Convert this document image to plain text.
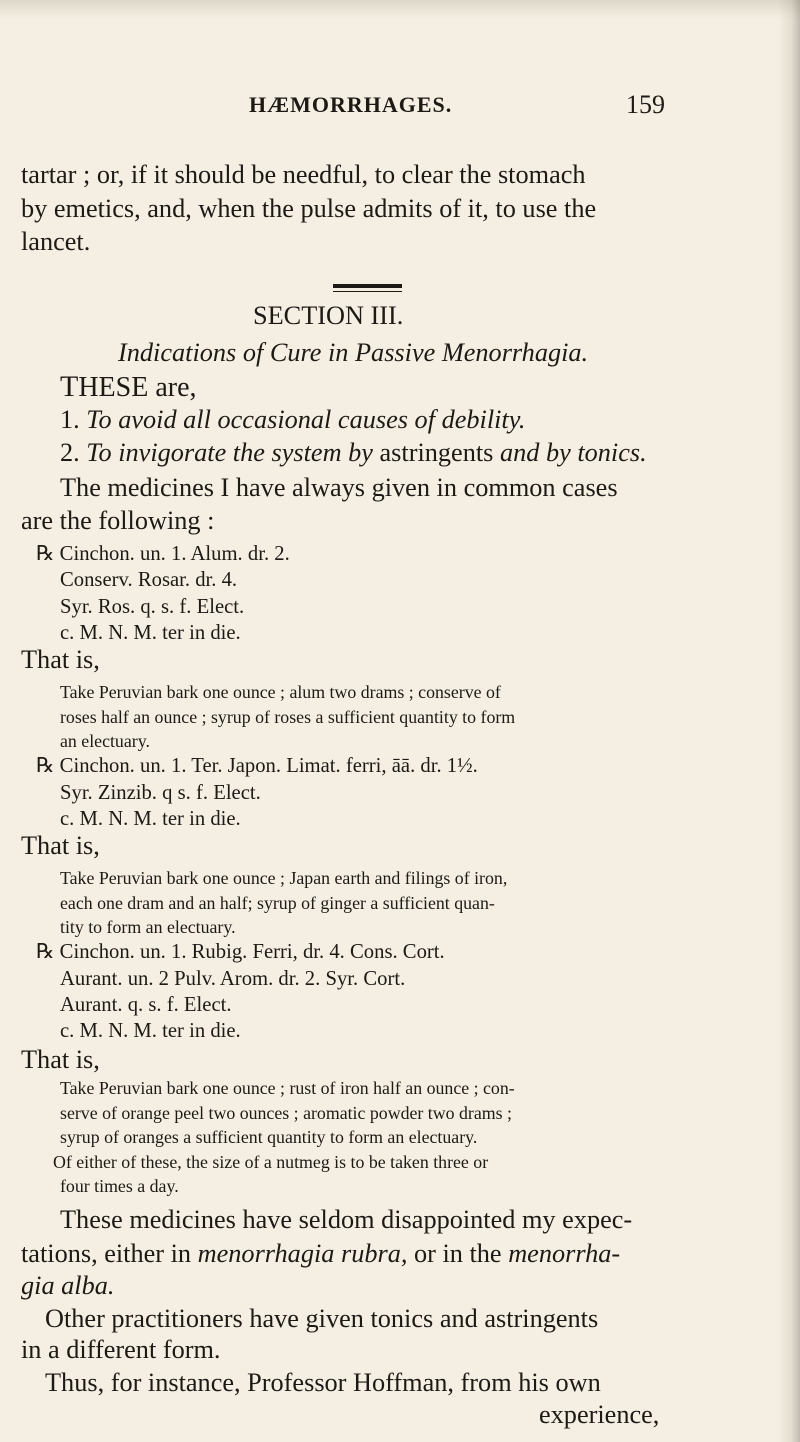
HÆMORRHAGES.	159
tartar ; or, if it should be needful, to clear the stomach
by emetics, and, when the pulse admits of it, to use the
lancet.
SECTION III.
Indications of Cure in Passive Menorrhagia.
THESE are,
1. To avoid all occasional causes of debility.
2. To invigorate the system by astringents and by tonics.
The medicines I have always given in common cases
are the following :
℞ Cinchon. un. 1. Alum. dr. 2.
Conserv. Rosar. dr. 4.
Syr. Ros. q. s. f. Elect.
c. M. N. M. ter in die.
That is,
Take Peruvian bark one ounce ; alum two drams ; conserve of
roses half an ounce ; syrup of roses a sufficient quantity to form
an electuary.
℞ Cinchon. un. 1. Ter. Japon. Limat. ferri, āā. dr. 1½.
Syr. Zinzib. q s. f. Elect.
c. M. N. M. ter in die.
That is,
Take Peruvian bark one ounce ; Japan earth and filings of iron,
each one dram and an half; syrup of ginger a sufficient quan-
tity to form an electuary.
℞ Cinchon. un. 1. Rubig. Ferri, dr. 4. Cons. Cort.
Aurant. un. 2 Pulv. Arom. dr. 2. Syr. Cort.
Aurant. q. s. f. Elect.
c. M. N. M. ter in die.
That is,
Take Peruvian bark one ounce ; rust of iron half an ounce ; con-
serve of orange peel two ounces ; aromatic powder two drams ;
syrup of oranges a sufficient quantity to form an electuary.
Of either of these, the size of a nutmeg is to be taken three or
four times a day.
These medicines have seldom disappointed my expec-
tations, either in menorrhagia rubra, or in the menorrha-
gia alba.
Other practitioners have given tonics and astringents
in a different form.
Thus, for instance, Professor Hoffman, from his own
experience,
